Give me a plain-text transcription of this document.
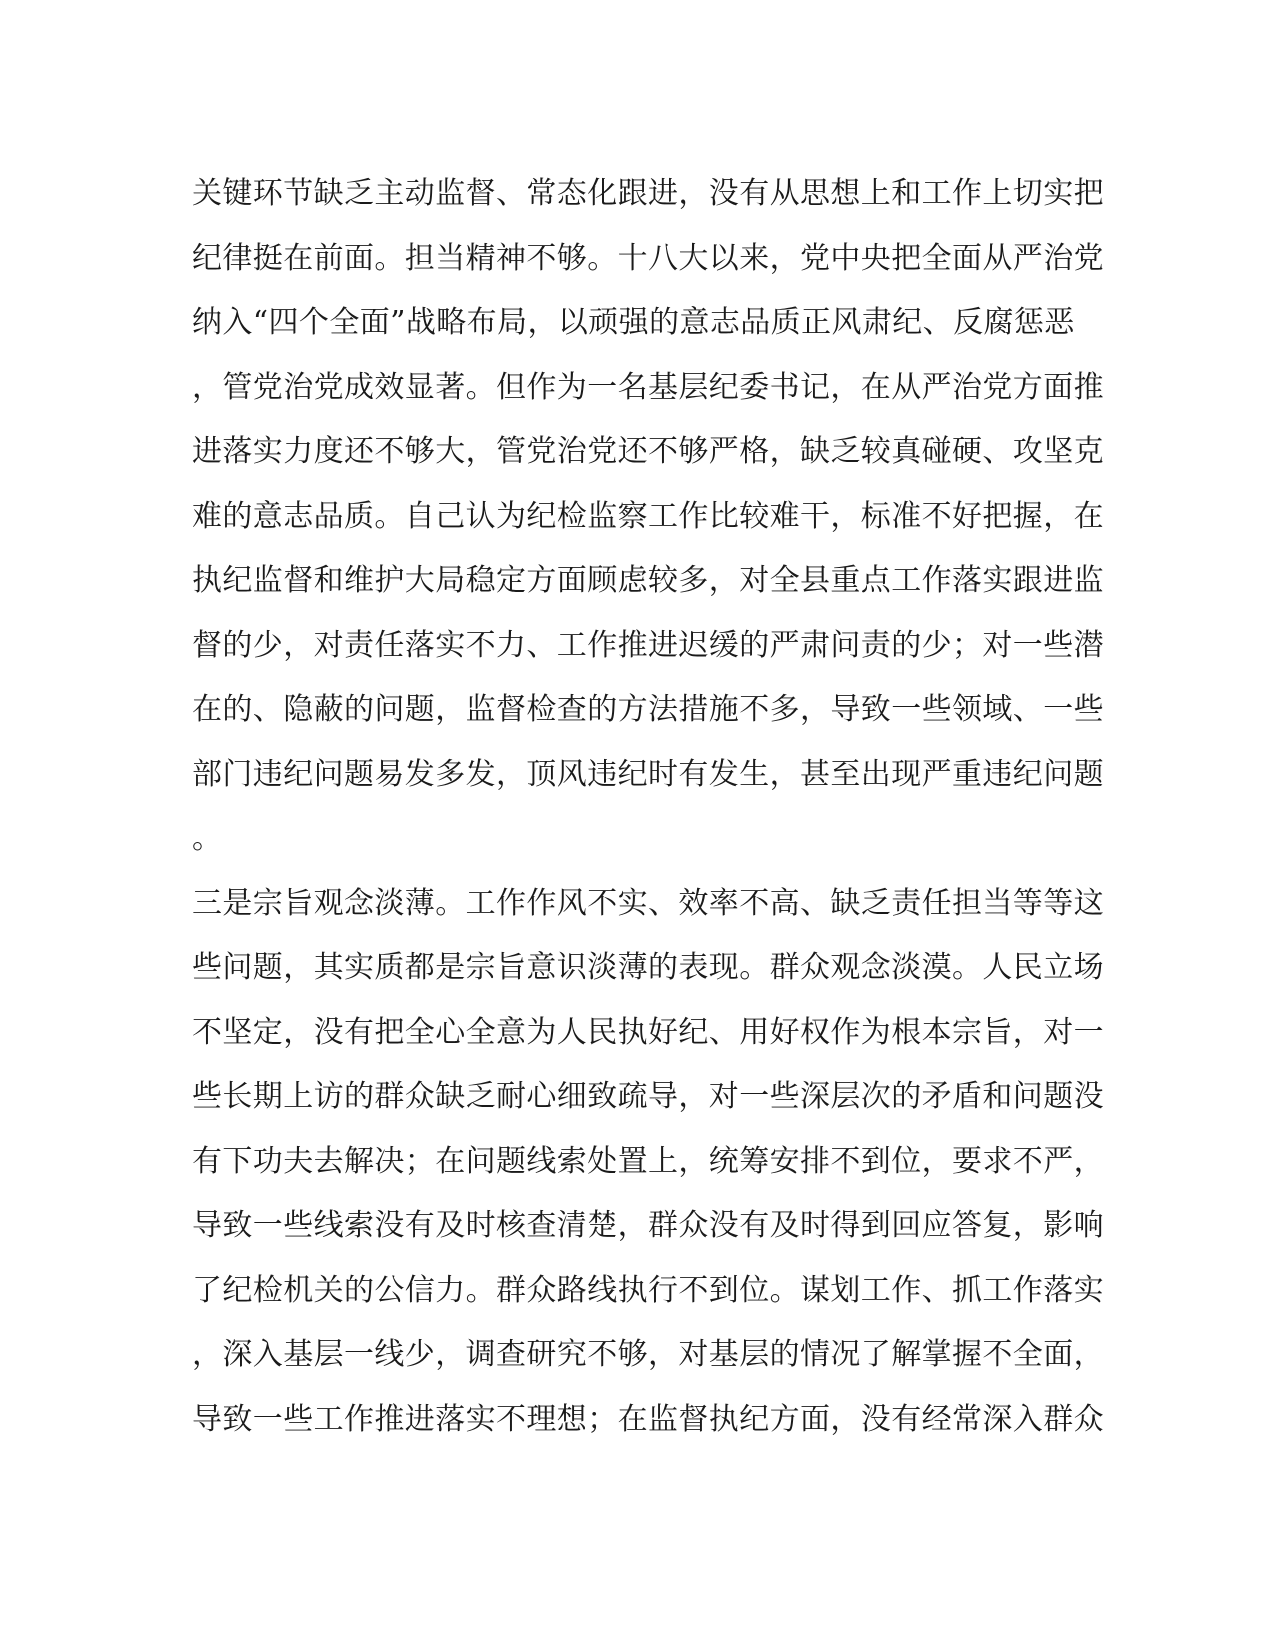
关键环节缺乏主动监督、常态化跟进，没有从思想上和工作上切实把
纪律挺在前面。担当精神不够。十八大以来，党中央把全面从严治党
纳入“四个全面”战略布局，以顽强的意志品质正风肃纪、反腐惩恶
，管党治党成效显著。但作为一名基层纪委书记，在从严治党方面推
进落实力度还不够大，管党治党还不够严格，缺乏较真碰硬、攻坚克
难的意志品质。自己认为纪检监察工作比较难干，标准不好把握，在
执纪监督和维护大局稳定方面顾虑较多，对全县重点工作落实跟进监
督的少，对责任落实不力、工作推进迟缓的严肃问责的少；对一些潜
在的、隐蔽的问题，监督检查的方法措施不多，导致一些领域、一些
部门违纪问题易发多发，顶风违纪时有发生，甚至出现严重违纪问题
。
三是宗旨观念淡薄。工作作风不实、效率不高、缺乏责任担当等等这
些问题，其实质都是宗旨意识淡薄的表现。群众观念淡漠。人民立场
不坚定，没有把全心全意为人民执好纪、用好权作为根本宗旨，对一
些长期上访的群众缺乏耐心细致疏导，对一些深层次的矛盾和问题没
有下功夫去解决；在问题线索处置上，统筹安排不到位，要求不严，
导致一些线索没有及时核查清楚，群众没有及时得到回应答复，影响
了纪检机关的公信力。群众路线执行不到位。谋划工作、抓工作落实
，深入基层一线少，调查研究不够，对基层的情况了解掌握不全面，
导致一些工作推进落实不理想；在监督执纪方面，没有经常深入群众
